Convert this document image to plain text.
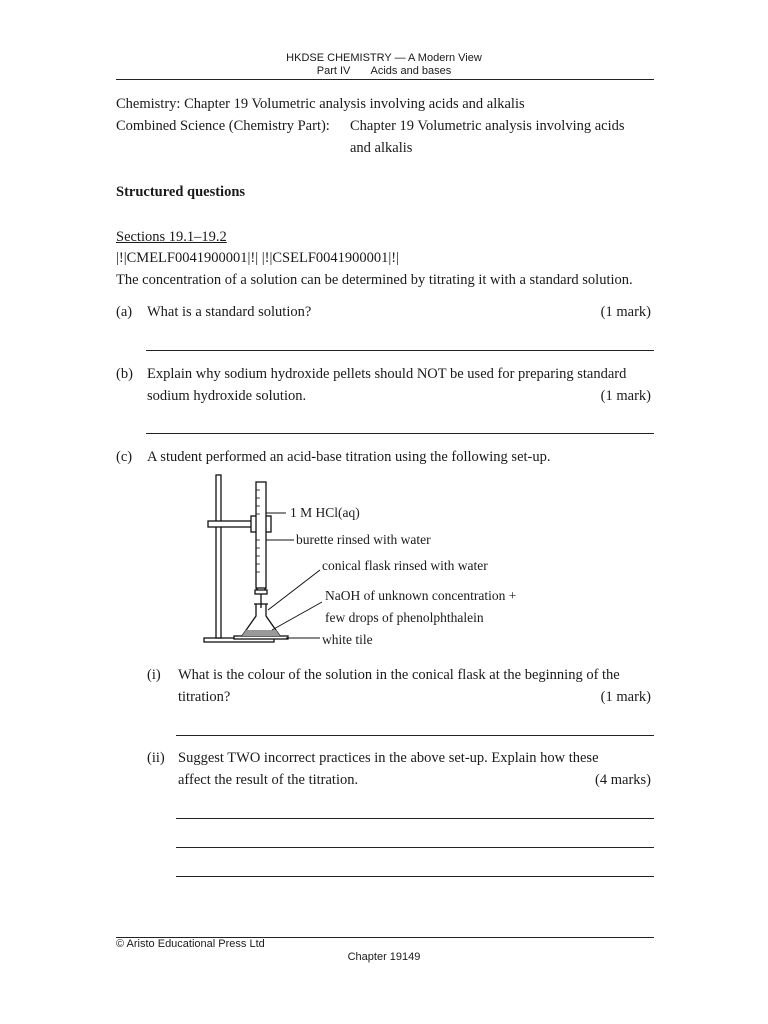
HKDSE CHEMISTRY — A Modern View
Part IV Acids and bases
Chemistry: Chapter 19 Volumetric analysis involving acids and alkalis
Combined Science (Chemistry Part): Chapter 19 Volumetric analysis involving acids
and alkalis
Structured questions
Sections 19.1–19.2
|!|CMELF0041900001|!| |!|CSELF0041900001|!|
The concentration of a solution can be determined by titrating it with a standard solution.
(a) What is a standard solution?	(1 mark)
(b) Explain why sodium hydroxide pellets should NOT be used for preparing standard
sodium hydroxide solution.	(1 mark)
(c) A student performed an acid-base titration using the following set-up.
1 M HCl(aq)
burette rinsed with water
conical flask rinsed with water
NaOH of unknown concentration +
few drops of phenolphthalein
white tile
(i) What is the colour of the solution in the conical flask at the beginning of the
titration?	(1 mark)
(ii) Suggest TWO incorrect practices in the above set-up. Explain how these
affect the result of the titration.	(4 marks)
© Aristo Educational Press Ltd
Chapter 19149
